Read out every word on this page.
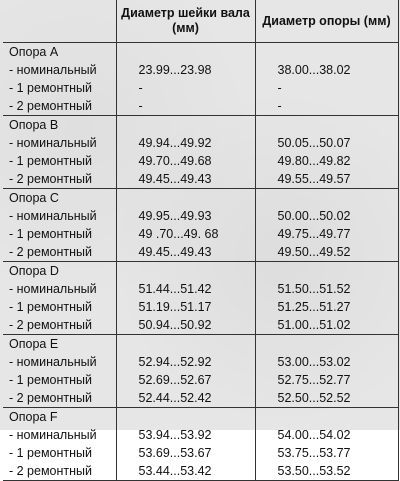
	Диаметр шейки вала (мм)	Диаметр опоры (мм)
Опора A		
- номинальный	23.99...23.98	38.00...38.02
- 1 ремонтный	-	-
- 2 ремонтный	-	-
Опора B		
- номинальный	49.94...49.92	50.05...50.07
- 1 ремонтный	49.70...49.68	49.80...49.82
- 2 ремонтный	49.45...49.43	49.55...49.57
Опора C		
- номинальный	49.95...49.93	50.00...50.02
- 1 ремонтный	49 .70...49. 68	49.75...49.77
- 2 ремонтный	49.45...49.43	49.50...49.52
Опора D		
- номинальный	51.44...51.42	51.50...51.52
- 1 ремонтный	51.19...51.17	51.25...51.27
- 2 ремонтный	50.94...50.92	51.00...51.02
Опора E		
- номинальный	52.94...52.92	53.00...53.02
- 1 ремонтный	52.69...52.67	52.75...52.77
- 2 ремонтный	52.44...52.42	52.50...52.52
Опора F		
- номинальный	53.94...53.92	54.00...54.02
- 1 ремонтный	53.69...53.67	53.75...53.77
- 2 ремонтный	53.44...53.42	53.50...53.52
